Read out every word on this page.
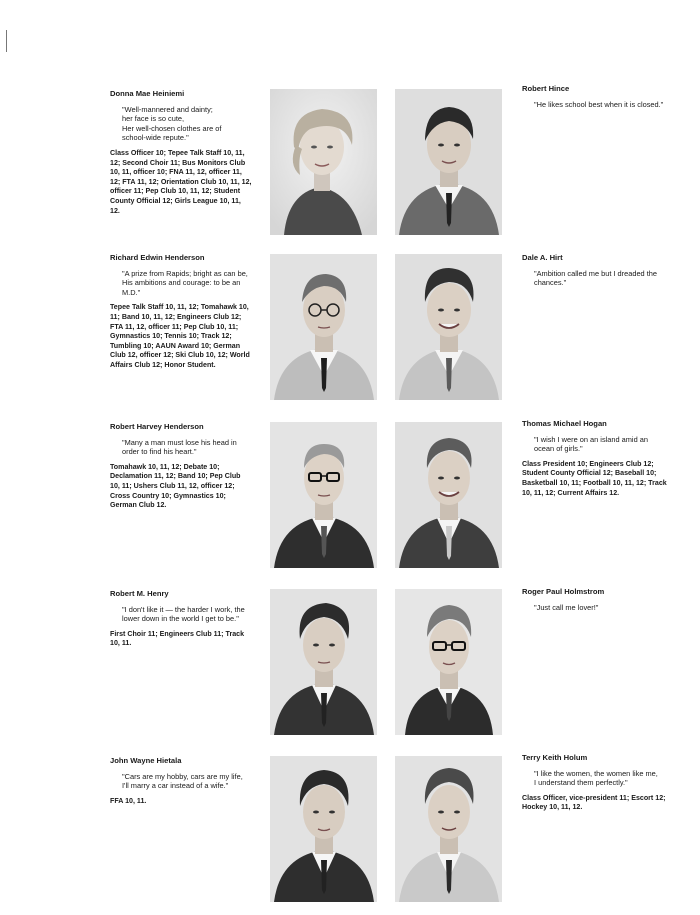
Donna Mae Heiniemi
"Well-mannered and dainty;
her face is so cute,
Her well-chosen clothes are of
school-wide repute."
Class Officer 10; Tepee Talk Staff 10, 11, 12; Second Choir 11; Bus Monitors Club 10, 11, officer 10; FNA 11, 12, officer 11, 12; FTA 11, 12; Orientation Club 10, 11, 12, officer 11; Pep Club 10, 11, 12; Student County Official 12; Girls League 10, 11, 12.
Robert Hince
"He likes school best when it is closed."
Richard Edwin Henderson
"A prize from Rapids; bright as can be,
His ambitions and courage: to be an M.D."
Tepee Talk Staff 10, 11, 12; Tomahawk 10, 11; Band 10, 11, 12; Engineers Club 12; FTA 11, 12, officer 11; Pep Club 10, 11; Gymnastics 10; Tennis 10; Track 12; Tumbling 10; AAUN Award 10; German Club 12, officer 12; Ski Club 10, 12; World Affairs Club 12; Honor Student.
Dale A. Hirt
"Ambition called me but I dreaded the chances."
Robert Harvey Henderson
"Many a man must lose his head in order to find his heart."
Tomahawk 10, 11, 12; Debate 10; Declamation 11, 12; Band 10; Pep Club 10, 11; Ushers Club 11, 12, officer 12; Cross Country 10; Gymnastics 10; German Club 12.
Thomas Michael Hogan
"I wish I were on an island amid an ocean of girls."
Class President 10; Engineers Club 12; Student County Official 12; Baseball 10; Basketball 10, 11; Football 10, 11, 12; Track 10, 11, 12; Current Affairs 12.
Robert M. Henry
"I don't like it — the harder I work, the lower down in the world I get to be."
First Choir 11; Engineers Club 11; Track 10, 11.
Roger Paul Holmstrom
"Just call me lover!"
John Wayne Hietala
"Cars are my hobby, cars are my life,
I'll marry a car instead of a wife."
FFA 10, 11.
Terry Keith Holum
"I like the women, the women like me,
I understand them perfectly."
Class Officer, vice-president 11; Escort 12; Hockey 10, 11, 12.
